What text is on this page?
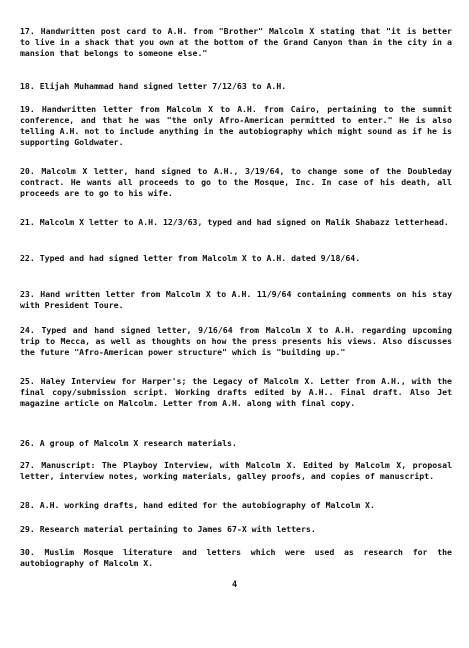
17. Handwritten post card to A.H. from "Brother" Malcolm X stating that "it is better to live in a shack that you own at the bottom of the Grand Canyon than in the city in a mansion that belongs to someone else."
18. Elijah Muhammad hand signed letter 7/12/63 to A.H.
19. Handwritten letter from Malcolm X to A.H. from Cairo, pertaining to the summit conference, and that he was "the only Afro-American permitted to enter." He is also telling A.H. not to include anything in the autobiography which might sound as if he is supporting Goldwater.
20. Malcolm X letter, hand signed to A.H., 3/19/64, to change some of the Doubleday contract. He wants all proceeds to go to the Mosque, Inc. In case of his death, all proceeds are to go to his wife.
21. Malcolm X letter to A.H. 12/3/63, typed and had signed on Malik Shabazz letterhead.
22. Typed and had signed letter from Malcolm X to A.H. dated 9/18/64.
23. Hand written letter from Malcolm X to A.H. 11/9/64 containing comments on his stay with President Toure.
24. Typed and hand signed letter, 9/16/64 from Malcolm X to A.H. regarding upcoming trip to Mecca, as well as thoughts on how the press presents his views. Also discusses the future "Afro-American power structure" which is "building up."
25. Haley Interview for Harper's; the Legacy of Malcolm X. Letter from A.H., with the final copy/submission script. Working drafts edited by A.H.. Final draft. Also Jet magazine article on Malcolm. Letter from A.H. along with final copy.
26. A group of Malcolm X research materials.
27. Manuscript: The Playboy Interview, with Malcolm X. Edited by Malcolm X, proposal letter, interview notes, working materials, galley proofs, and copies of manuscript.
28. A.H. working drafts, hand edited for the autobiography of Malcolm X.
29. Research material pertaining to James 67-X with letters.
30. Muslim Mosque literature and letters which were used as research for the autobiography of Malcolm X.
4
